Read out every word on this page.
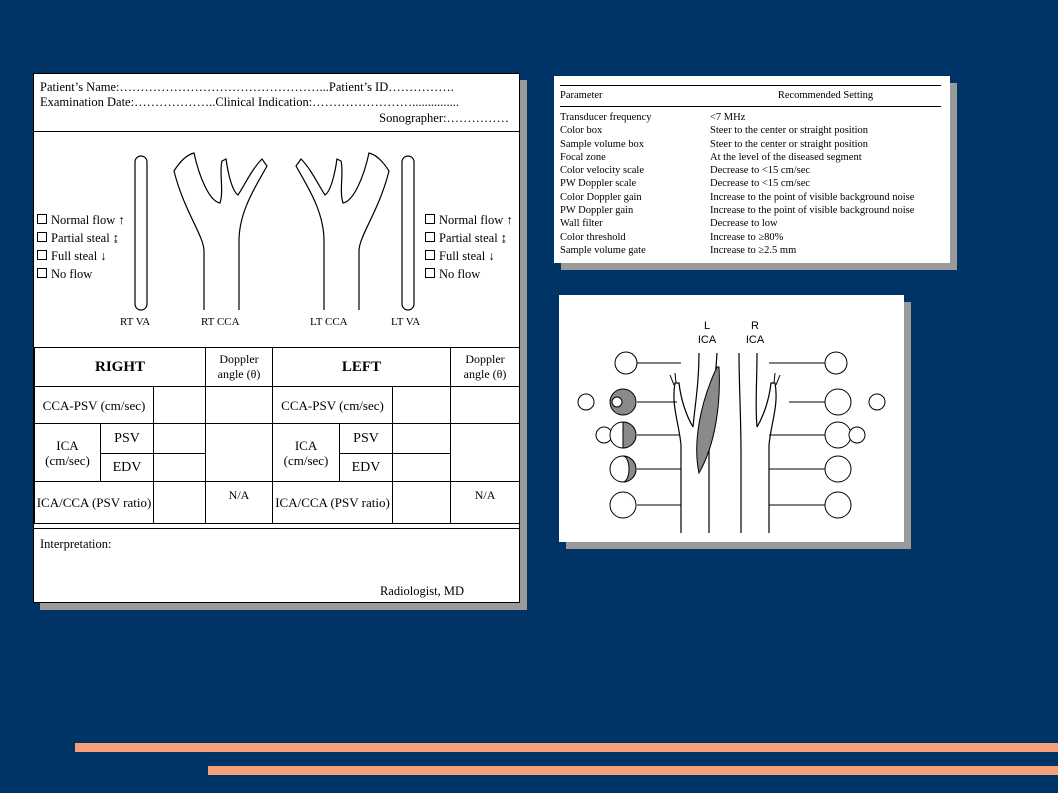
Patient’s Name:…………………………………………...Patient’s ID…………….
Examination Date:………………..Clinical Indication:……………………...............
Sonographer:……………
Normal flow ↑
Partial steal ↨
Full steal ↓
No flow
Normal flow ↑
Partial steal ↨
Full steal ↓
No flow
RT VA	RT CCA	LT CCA	LT VA
RIGHT			Doppler angle (θ)	LEFT			Doppler angle (θ)
CCA-PSV (cm/sec)				CCA-PSV (cm/sec)			
ICA (cm/sec)	PSV			ICA (cm/sec)	PSV		
	EDV				EDV		
ICA/CCA (PSV ratio)			N/A	ICA/CCA (PSV ratio)			N/A
Interpretation:
Radiologist, MD
Parameter	Recommended Setting
Transducer frequency	<7 MHz
Color box	Steer to the center or straight position
Sample volume box	Steer to the center or straight position
Focal zone	At the level of the diseased segment
Color velocity scale	Decrease to <15 cm/sec
PW Doppler scale	Decrease to <15 cm/sec
Color Doppler gain	Increase to the point of visible background noise
PW Doppler gain	Increase to the point of visible background noise
Wall filter	Decrease to low
Color threshold	Increase to ≥80%
Sample volume gate	Increase to ≥2.5 mm
L
ICA
R
ICA
